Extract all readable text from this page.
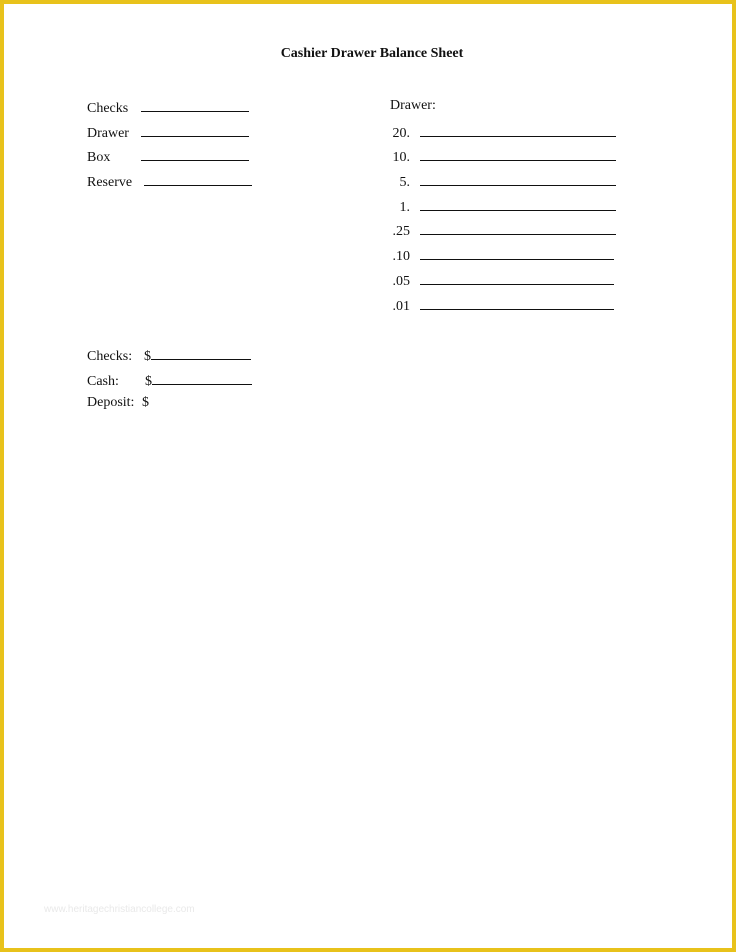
Cashier Drawer Balance Sheet
Checks
Drawer
Box
Reserve
Drawer:
20.
10.
5.
1.
.25
.10
.05
.01
Checks: $
Cash: $
Deposit: $
www.heritagechristiancollege.com
